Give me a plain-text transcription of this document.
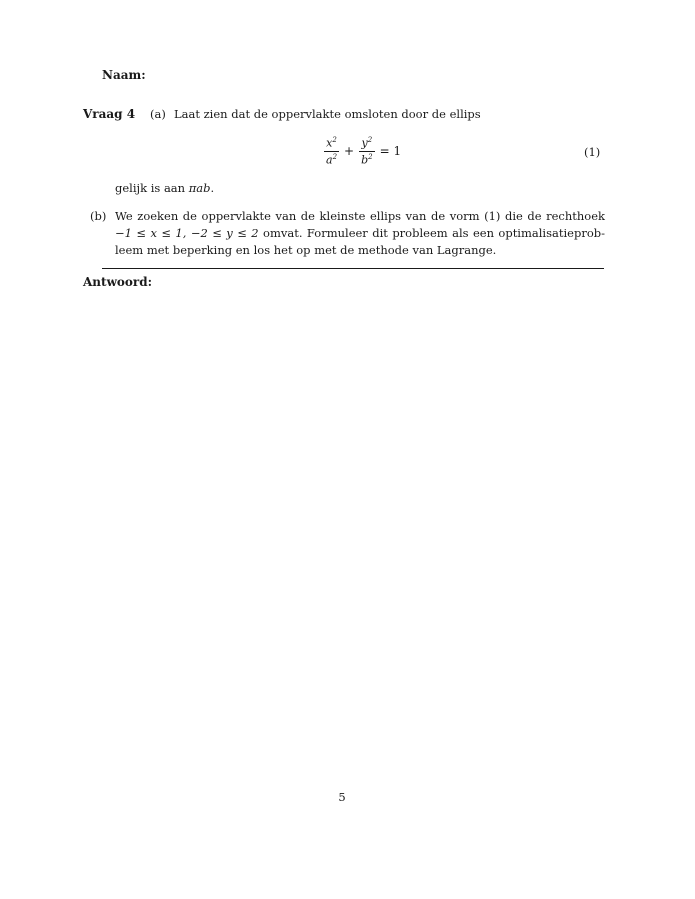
Naam:
Vraag 4 (a) Laat zien dat de oppervlakte omsloten door de ellips
$\frac{x^2}{a^2} + \frac{y^2}{b^2} = 1$	(1)
gelijk is aan πab.
(b) We zoeken de oppervlakte van de kleinste ellips van de vorm (1) die de rechthoek
−1 ≤ x ≤ 1, −2 ≤ y ≤ 2 omvat. Formuleer dit probleem als een optimalisatieprob-
leem met beperking en los het op met de methode van Lagrange.
Antwoord:
5
